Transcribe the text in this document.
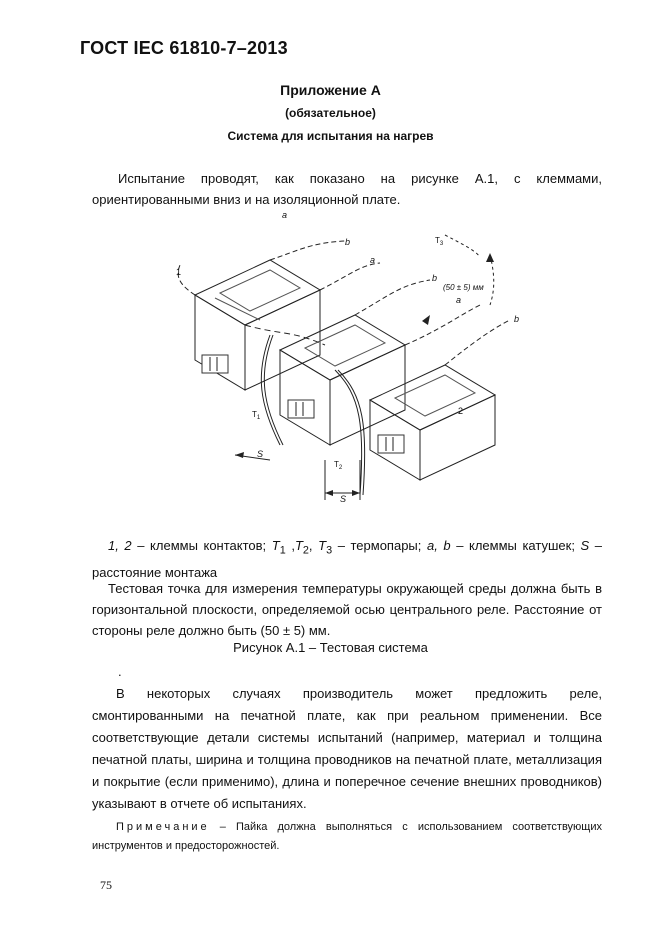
ГОСТ IEC 61810-7–2013
Приложение А
(обязательное)
Система для испытания на нагрев
Испытание проводят, как показано на рисунке А.1, с клеммами, ориентированными вниз и на изоляционной плате.
a
b
a
b
a
b
1
2
(50 ± 5) мм
$T_3$
$T_1$
$T_2$
S
S
1, 2 – клеммы контактов; $T_1$ $,T_2$, $T_3$ – термопары; a, b – клеммы катушек; S – расстояние монтажа
Тестовая точка для измерения температуры окружающей среды должна быть в горизонтальной плоскости, определяемой осью центрального реле. Расстояние от стороны реле должно быть (50 ± 5) мм.
Рисунок А.1 – Тестовая система
.
В некоторых случаях производитель может предложить реле, смонтированными на печатной плате, как при реальном применении. Все соответствующие детали системы испытаний (например, материал и толщина печатной платы, ширина и толщина проводников на печатной плате, металлизация и покрытие (если применимо), длина и поперечное сечение внешних проводников) указывают в отчете об испытаниях.
Примечание – Пайка должна выполняться с использованием соответствующих инструментов и предосторожностей.
75
